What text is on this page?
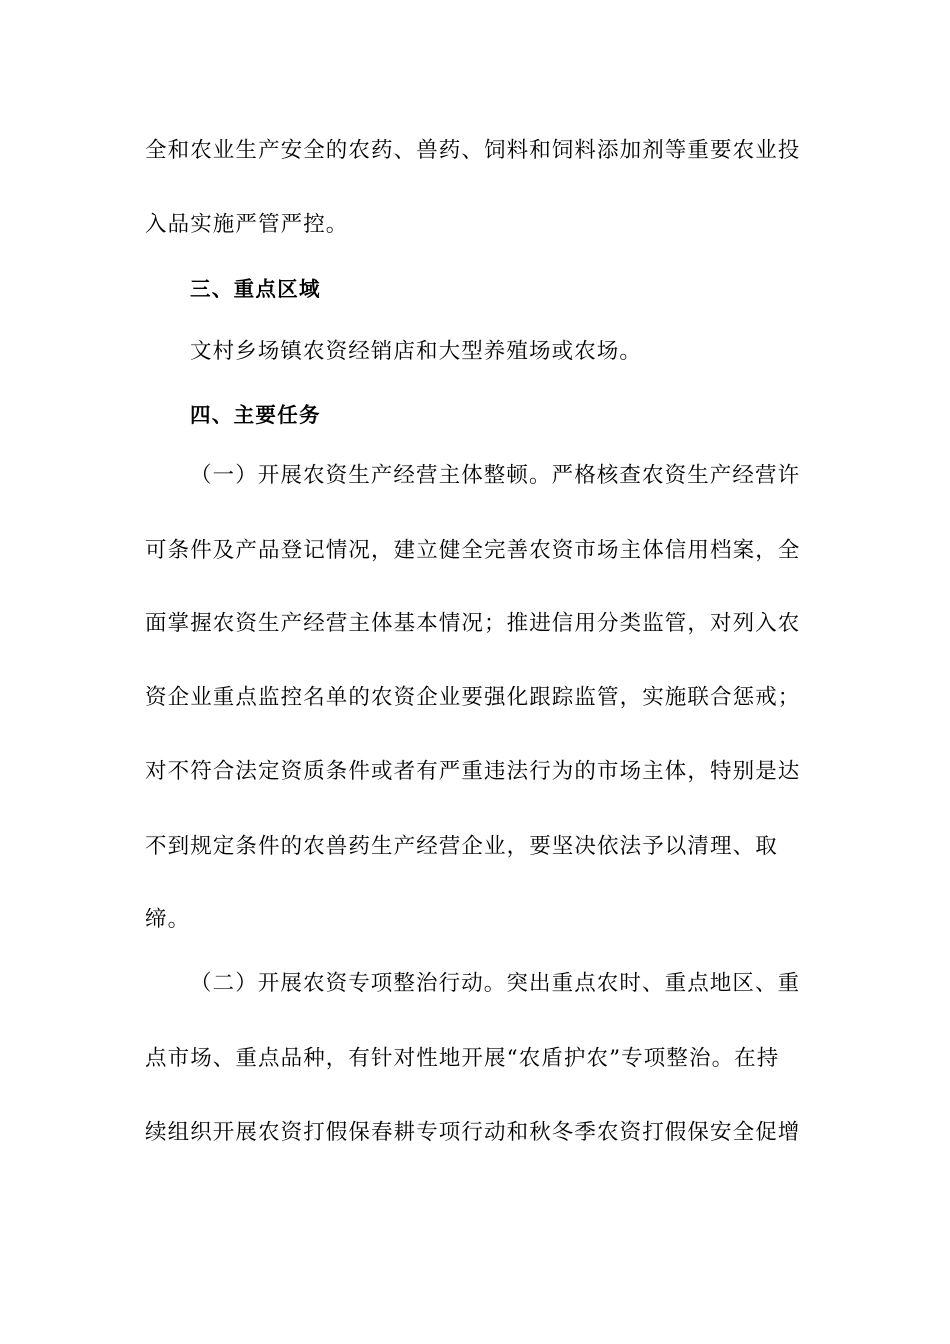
全和农业生产安全的农药、兽药、饲料和饲料添加剂等重要农业投
入品实施严管严控。
三、重点区域
文村乡场镇农资经销店和大型养殖场或农场。
四、主要任务
（一）开展农资生产经营主体整顿。严格核查农资生产经营许
可条件及产品登记情况，建立健全完善农资市场主体信用档案，全
面掌握农资生产经营主体基本情况；推进信用分类监管，对列入农
资企业重点监控名单的农资企业要强化跟踪监管，实施联合惩戒；
对不符合法定资质条件或者有严重违法行为的市场主体，特别是达
不到规定条件的农兽药生产经营企业，要坚决依法予以清理、取
缔。
（二）开展农资专项整治行动。突出重点农时、重点地区、重
点市场、重点品种，有针对性地开展“农盾护农”专项整治。在持
续组织开展农资打假保春耕专项行动和秋冬季农资打假保安全促增
